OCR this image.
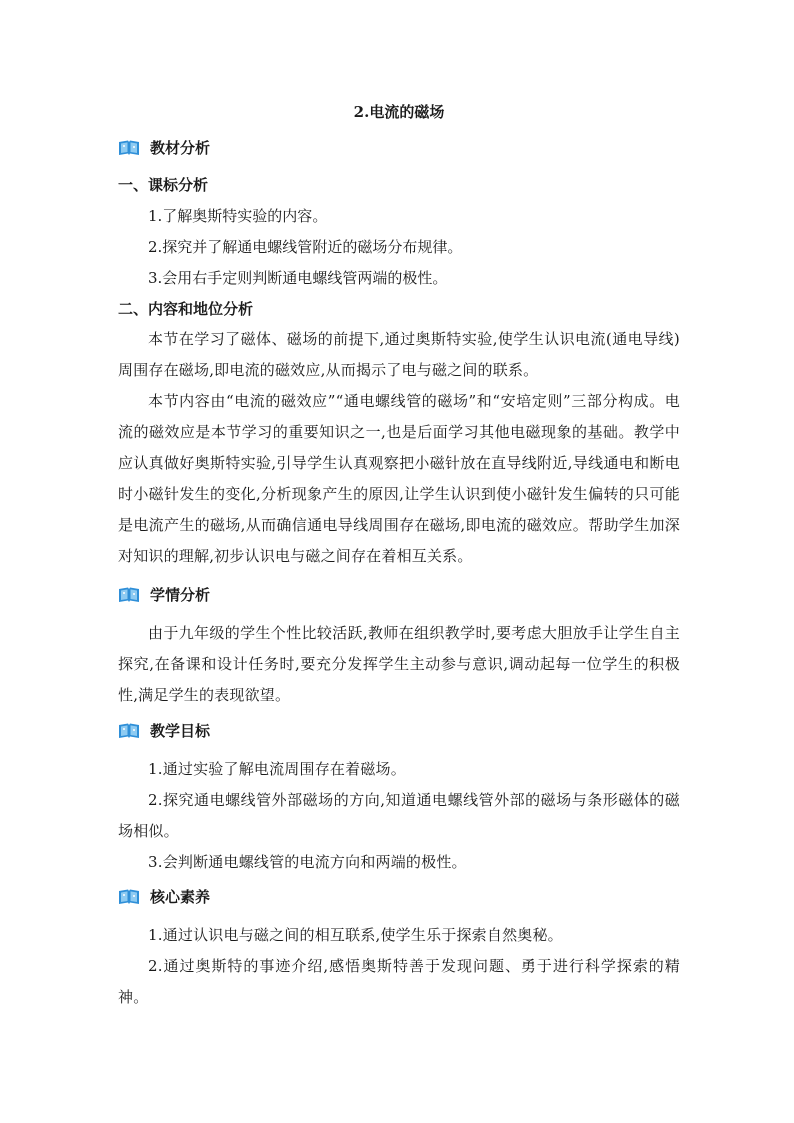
2.电流的磁场
教材分析
一、课标分析
1.了解奥斯特实验的内容。
2.探究并了解通电螺线管附近的磁场分布规律。
3.会用右手定则判断通电螺线管两端的极性。
二、内容和地位分析
本节在学习了磁体、磁场的前提下,通过奥斯特实验,使学生认识电流(通电导线)周围存在磁场,即电流的磁效应,从而揭示了电与磁之间的联系。
本节内容由“电流的磁效应”“通电螺线管的磁场”和“安培定则”三部分构成。电流的磁效应是本节学习的重要知识之一,也是后面学习其他电磁现象的基础。教学中应认真做好奥斯特实验,引导学生认真观察把小磁针放在直导线附近,导线通电和断电时小磁针发生的变化,分析现象产生的原因,让学生认识到使小磁针发生偏转的只可能是电流产生的磁场,从而确信通电导线周围存在磁场,即电流的磁效应。帮助学生加深对知识的理解,初步认识电与磁之间存在着相互关系。
学情分析
由于九年级的学生个性比较活跃,教师在组织教学时,要考虑大胆放手让学生自主探究,在备课和设计任务时,要充分发挥学生主动参与意识,调动起每一位学生的积极性,满足学生的表现欲望。
教学目标
1.通过实验了解电流周围存在着磁场。
2.探究通电螺线管外部磁场的方向,知道通电螺线管外部的磁场与条形磁体的磁场相似。
3.会判断通电螺线管的电流方向和两端的极性。
核心素养
1.通过认识电与磁之间的相互联系,使学生乐于探索自然奥秘。
2.通过奥斯特的事迹介绍,感悟奥斯特善于发现问题、勇于进行科学探索的精神。
